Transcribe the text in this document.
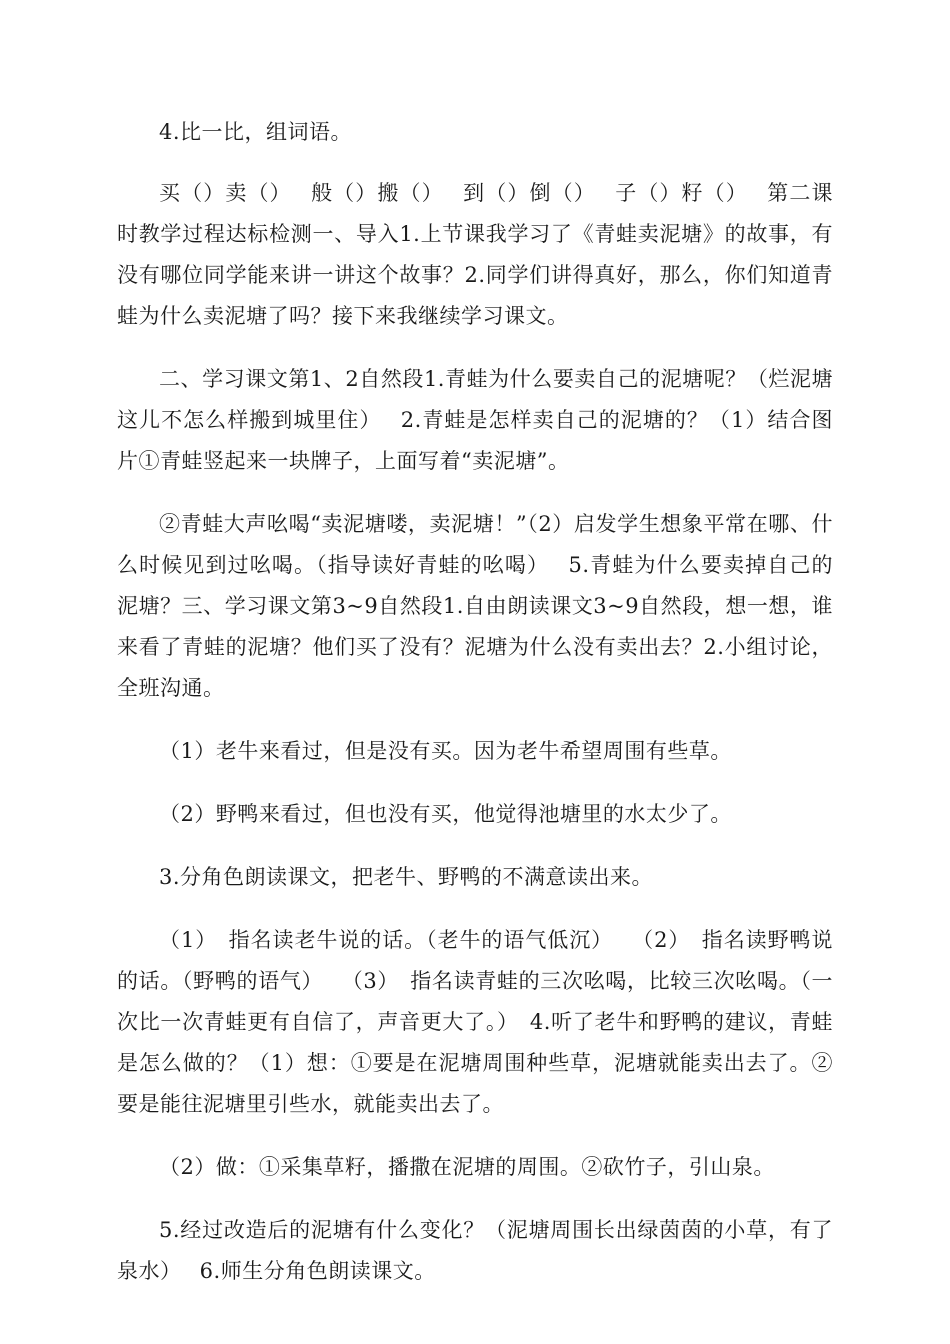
4.比一比，组词语。

买（）卖（）　 般（）搬（）　 到（）倒（）　 子（）籽（）　 第二课时教学过程达标检测一、导入1.上节课我学习了《青蛙卖泥塘》的故事，有没有哪位同学能来讲一讲这个故事？2.同学们讲得真好，那么，你们知道青蛙为什么卖泥塘了吗？接下来我继续学习课文。

二、学习课文第1、2自然段1.青蛙为什么要卖自己的泥塘呢？（烂泥塘这儿不怎么样搬到城里住）　 2.青蛙是怎样卖自己的泥塘的？（1）结合图片①青蛙竖起来一块牌子，上面写着“卖泥塘”。

②青蛙大声吆喝“卖泥塘喽，卖泥塘！”（2）启发学生想象平常在哪、什么时候见到过吆喝。（指导读好青蛙的吆喝）　 5.青蛙为什么要卖掉自己的泥塘？三、学习课文第3~9自然段1.自由朗读课文3~9自然段，想一想，谁来看了青蛙的泥塘？他们买了没有？泥塘为什么没有卖出去？2.小组讨论，全班沟通。

（1）老牛来看过，但是没有买。因为老牛希望周围有些草。

（2）野鸭来看过，但也没有买，他觉得池塘里的水太少了。

3.分角色朗读课文，把老牛、野鸭的不满意读出来。

（1）　指名读老牛说的话。（老牛的语气低沉）　 （2）　指名读野鸭说的话。（野鸭的语气）　 （3）　指名读青蛙的三次吆喝，比较三次吆喝。（一次比一次青蛙更有自信了，声音更大了。）　4.听了老牛和野鸭的建议，青蛙是怎么做的？（1）想：①要是在泥塘周围种些草，泥塘就能卖出去了。②要是能往泥塘里引些水，就能卖出去了。

（2）做：①采集草籽，播撒在泥塘的周围。②砍竹子，引山泉。

5.经过改造后的泥塘有什么变化？（泥塘周围长出绿茵茵的小草，有了泉水）　 6.师生分角色朗读课文。
